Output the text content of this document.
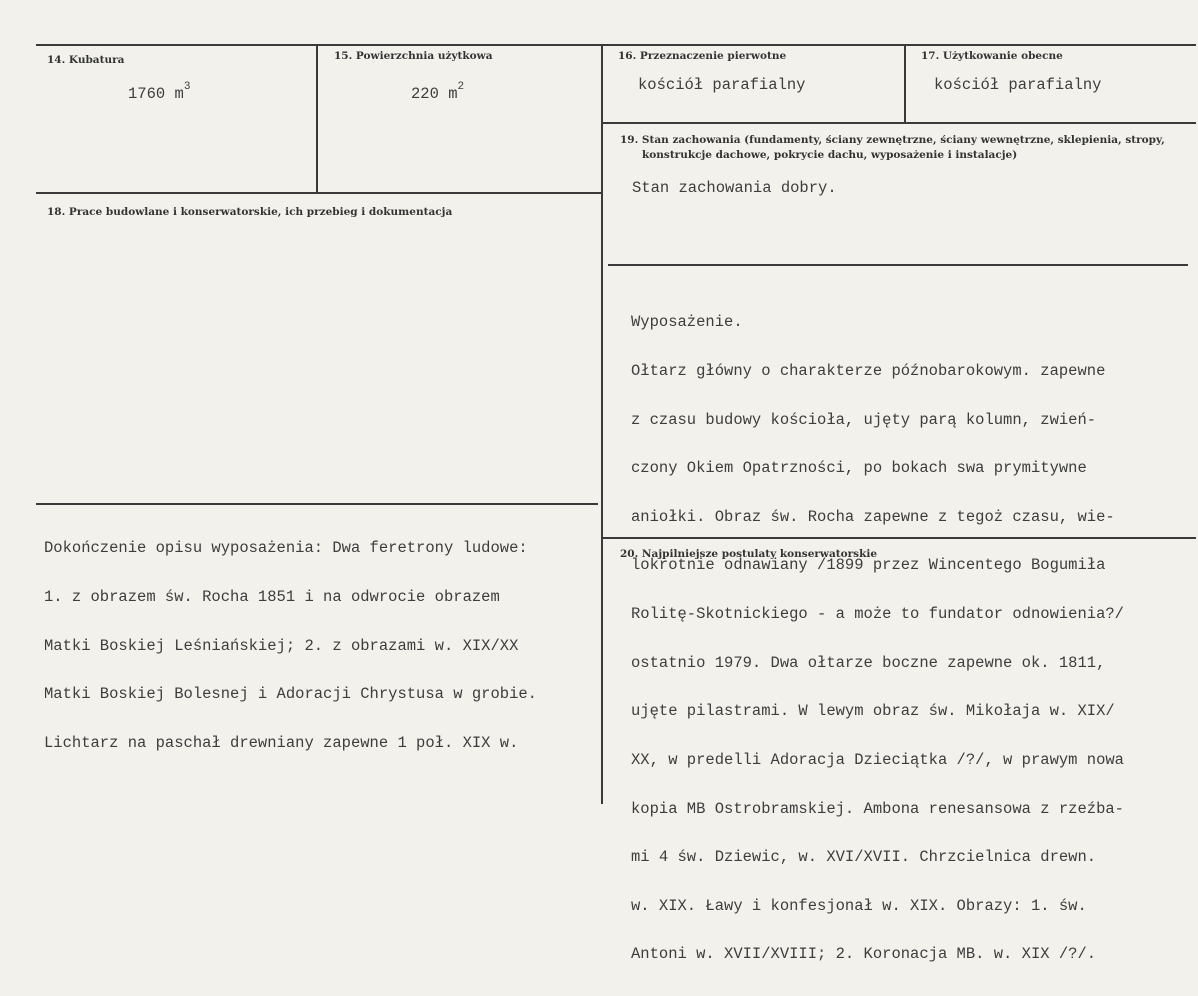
14. Kubatura
1760 $m^3$
15. Powierzchnia użytkowa
220 $m^2$
16. Przeznaczenie pierwotne
kościół parafialny
17. Użytkowanie obecne
kościół parafialny
19. Stan zachowania (fundamenty, ściany zewnętrzne, ściany wewnętrzne, sklepienia, stropy,
konstrukcje dachowe, pokrycie dachu, wyposażenie i instalacje)
Stan zachowania dobry.
18. Prace budowlane i konserwatorskie, ich przebieg i dokumentacja

Wyposażenie.

Ołtarz główny o charakterze późnobarokowym. zapewne

z czasu budowy kościoła, ujęty parą kolumn, zwień-

czony Okiem Opatrzności, po bokach swa prymitywne

aniołki. Obraz św. Rocha zapewne z tegoż czasu, wie-

lokrotnie odnawiany /1899 przez Wincentego Bogumiła

Rolitę-Skotnickiego - a może to fundator odnowienia?/

ostatnio 1979. Dwa ołtarze boczne zapewne ok. 1811,

ujęte pilastrami. W lewym obraz św. Mikołaja w. XIX/

XX, w predelli Adoracja Dzieciątka /?/, w prawym nowa

kopia MB Ostrobramskiej. Ambona renesansowa z rzeźba-

mi 4 św. Dziewic, w. XVI/XVII. Chrzcielnica drewn.

w. XIX. Ławy i konfesjonał w. XIX. Obrazy: 1. św.

Antoni w. XVII/XVIII; 2. Koronacja MB. w. XIX /?/.

Dokończenie opisu wyposażenia: Dwa feretrony ludowe:

1. z obrazem św. Rocha 1851 i na odwrocie obrazem

Matki Boskiej Leśniańskiej; 2. z obrazami w. XIX/XX

Matki Boskiej Bolesnej i Adoracji Chrystusa w grobie.

Lichtarz na paschał drewniany zapewne 1 poł. XIX w.

20. Najpilniejsze postulaty konserwatorskie
